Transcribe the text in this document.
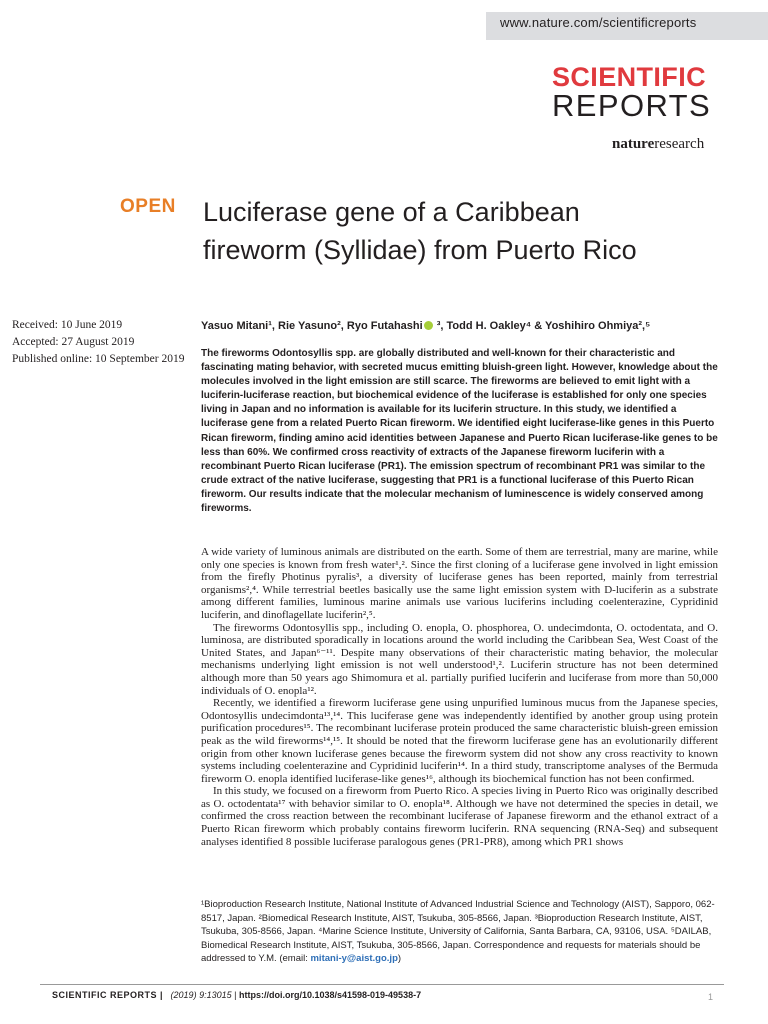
www.nature.com/scientificreports
SCIENTIFIC
REPORTS
natureresearch
OPEN Luciferase gene of a Caribbean fireworm (Syllidae) from Puerto Rico
Received: 10 June 2019
Accepted: 27 August 2019
Published online: 10 September 2019
Yasuo Mitani¹, Rie Yasuno², Ryo Futahashi ³, Todd H. Oakley⁴ & Yoshihiro Ohmiya²,⁵
The fireworms Odontosyllis spp. are globally distributed and well-known for their characteristic and fascinating mating behavior, with secreted mucus emitting bluish-green light. However, knowledge about the molecules involved in the light emission are still scarce. The fireworms are believed to emit light with a luciferin-luciferase reaction, but biochemical evidence of the luciferase is established for only one species living in Japan and no information is available for its luciferin structure. In this study, we identified a luciferase gene from a related Puerto Rican fireworm. We identified eight luciferase-like genes in this Puerto Rican fireworm, finding amino acid identities between Japanese and Puerto Rican luciferase-like genes to be less than 60%. We confirmed cross reactivity of extracts of the Japanese fireworm luciferin with a recombinant Puerto Rican luciferase (PR1). The emission spectrum of recombinant PR1 was similar to the crude extract of the native luciferase, suggesting that PR1 is a functional luciferase of this Puerto Rican fireworm. Our results indicate that the molecular mechanism of luminescence is widely conserved among fireworms.

A wide variety of luminous animals are distributed on the earth. Some of them are terrestrial, many are marine, while only one species is known from fresh water¹,². Since the first cloning of a luciferase gene involved in light emission from the firefly Photinus pyralis³, a diversity of luciferase genes has been reported, mainly from terrestrial organisms²,⁴. While terrestrial beetles basically use the same light emission system with D-luciferin as a substrate among different families, luminous marine animals use various luciferins including coelenterazine, Cypridinid luciferin, and dinoflagellate luciferin²,⁵.

The fireworms Odontosyllis spp., including O. enopla, O. phosphorea, O. undecimdonta, O. octodentata, and O. luminosa, are distributed sporadically in locations around the world including the Caribbean Sea, West Coast of the United States, and Japan⁶⁻¹¹. Despite many observations of their characteristic mating behavior, the molecular mechanisms underlying light emission is not well understood¹,². Luciferin structure has not been determined although more than 50 years ago Shimomura et al. partially purified luciferin and luciferase from more than 50,000 individuals of O. enopla¹².

Recently, we identified a fireworm luciferase gene using unpurified luminous mucus from the Japanese species, Odontosyllis undecimdonta¹³,¹⁴. This luciferase gene was independently identified by another group using protein purification procedures¹⁵. The recombinant luciferase protein produced the same characteristic bluish-green emission peak as the wild fireworms¹⁴,¹⁵. It should be noted that the fireworm luciferase gene has an evolutionarily different origin from other known luciferase genes because the fireworm system did not show any cross reactivity to known systems including coelenterazine and Cypridinid luciferin¹⁴. In a third study, transcriptome analyses of the Bermuda fireworm O. enopla identified luciferase-like genes¹⁶, although its biochemical function has not been confirmed.

In this study, we focused on a fireworm from Puerto Rico. A species living in Puerto Rico was originally described as O. octodentata¹⁷ with behavior similar to O. enopla¹⁸. Although we have not determined the species in detail, we confirmed the cross reaction between the recombinant luciferase of Japanese fireworm and the ethanol extract of a Puerto Rican fireworm which probably contains fireworm luciferin. RNA sequencing (RNA-Seq) and subsequent analyses identified 8 possible luciferase paralogous genes (PR1-PR8), among which PR1 shows

¹Bioproduction Research Institute, National Institute of Advanced Industrial Science and Technology (AIST), Sapporo, 062-8517, Japan. ²Biomedical Research Institute, AIST, Tsukuba, 305-8566, Japan. ³Bioproduction Research Institute, AIST, Tsukuba, 305-8566, Japan. ⁴Marine Science Institute, University of California, Santa Barbara, CA, 93106, USA. ⁵DAILAB, Biomedical Research Institute, AIST, Tsukuba, 305-8566, Japan. Correspondence and requests for materials should be addressed to Y.M. (email: mitani-y@aist.go.jp)
SCIENTIFIC REPORTS | (2019) 9:13015 | https://doi.org/10.1038/s41598-019-49538-7	1
